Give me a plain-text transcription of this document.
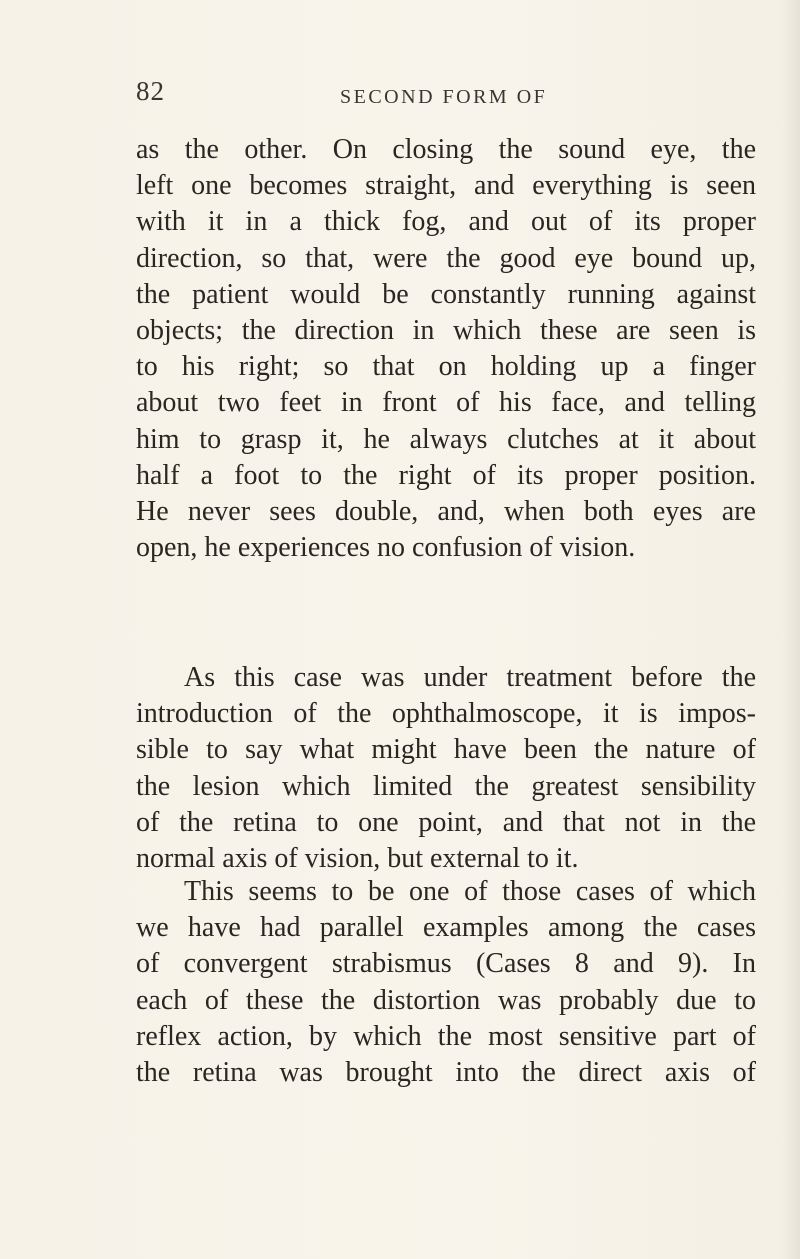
82	SECOND FORM OF
as the other. On closing the sound eye, the
left one becomes straight, and everything is seen
with it in a thick fog, and out of its proper
direction, so that, were the good eye bound up,
the patient would be constantly running against
objects; the direction in which these are seen is
to his right; so that on holding up a finger
about two feet in front of his face, and telling
him to grasp it, he always clutches at it about
half a foot to the right of its proper position.
He never sees double, and, when both eyes are
open, he experiences no confusion of vision.
As this case was under treatment before the
introduction of the ophthalmoscope, it is impos-
sible to say what might have been the nature of
the lesion which limited the greatest sensibility
of the retina to one point, and that not in the
normal axis of vision, but external to it.
This seems to be one of those cases of which
we have had parallel examples among the cases
of convergent strabismus (Cases 8 and 9). In
each of these the distortion was probably due to
reflex action, by which the most sensitive part of
the retina was brought into the direct axis of
